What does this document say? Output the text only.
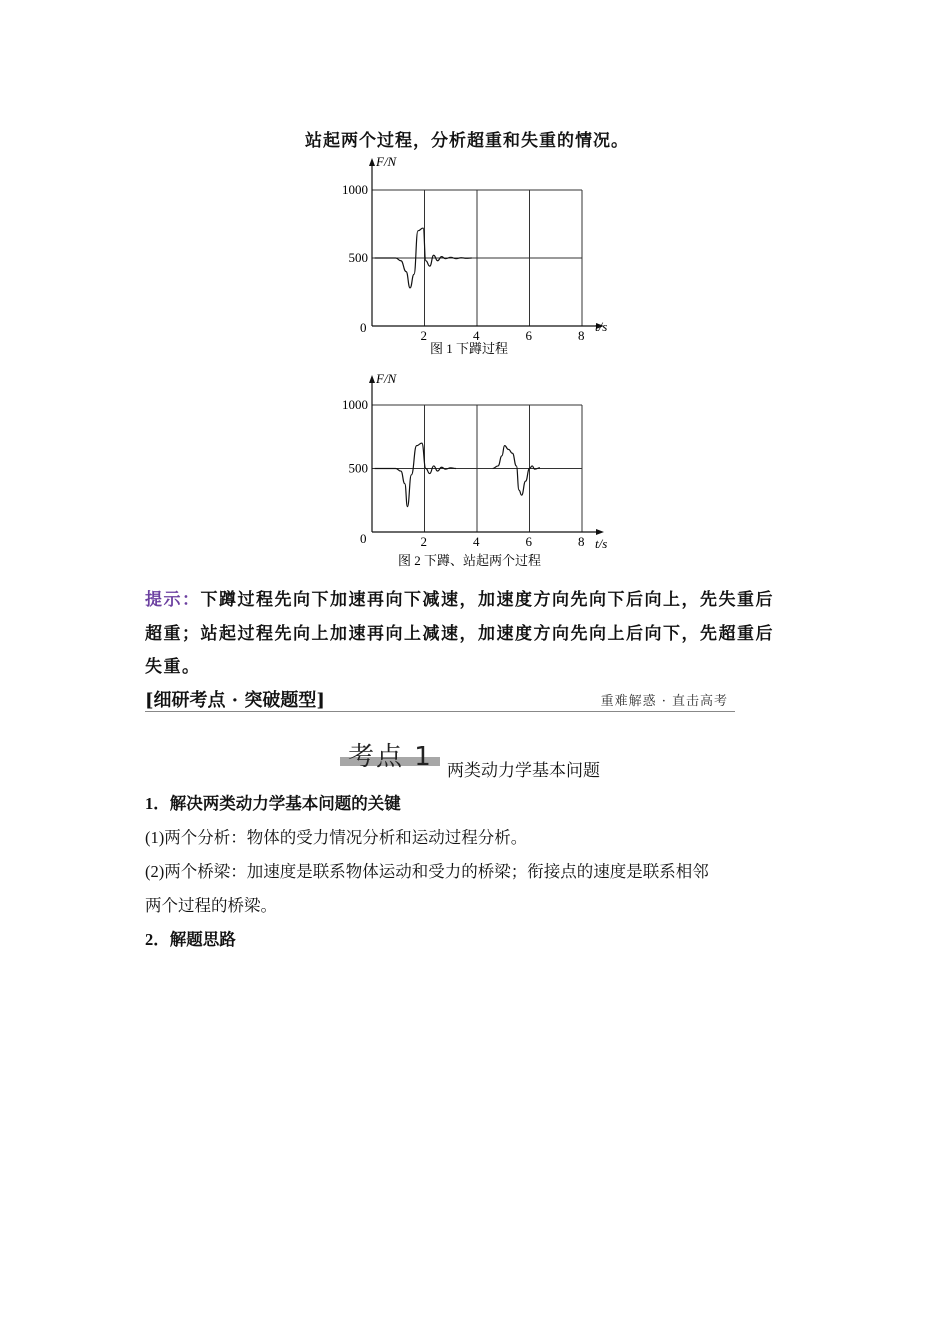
站起两个过程，分析超重和失重的情况。
F/N
t/s
1000
500
2	4	6	8
0
图 1 下蹲过程
F/N
t/s
1000
500
2	4	6	8
0
图 2 下蹲、站起两个过程
提示：下蹲过程先向下加速再向下减速，加速度方向先向下后向上，先失重后
超重；站起过程先向上加速再向上减速，加速度方向先向上后向下，先超重后
失重。
[细研考点 · 突破题型]	重难解惑 · 直击高考
考点 1 两类动力学基本问题
1．解决两类动力学基本问题的关键
(1)两个分析：物体的受力情况分析和运动过程分析。
(2)两个桥梁：加速度是联系物体运动和受力的桥梁；衔接点的速度是联系相邻
两个过程的桥梁。
2．解题思路
